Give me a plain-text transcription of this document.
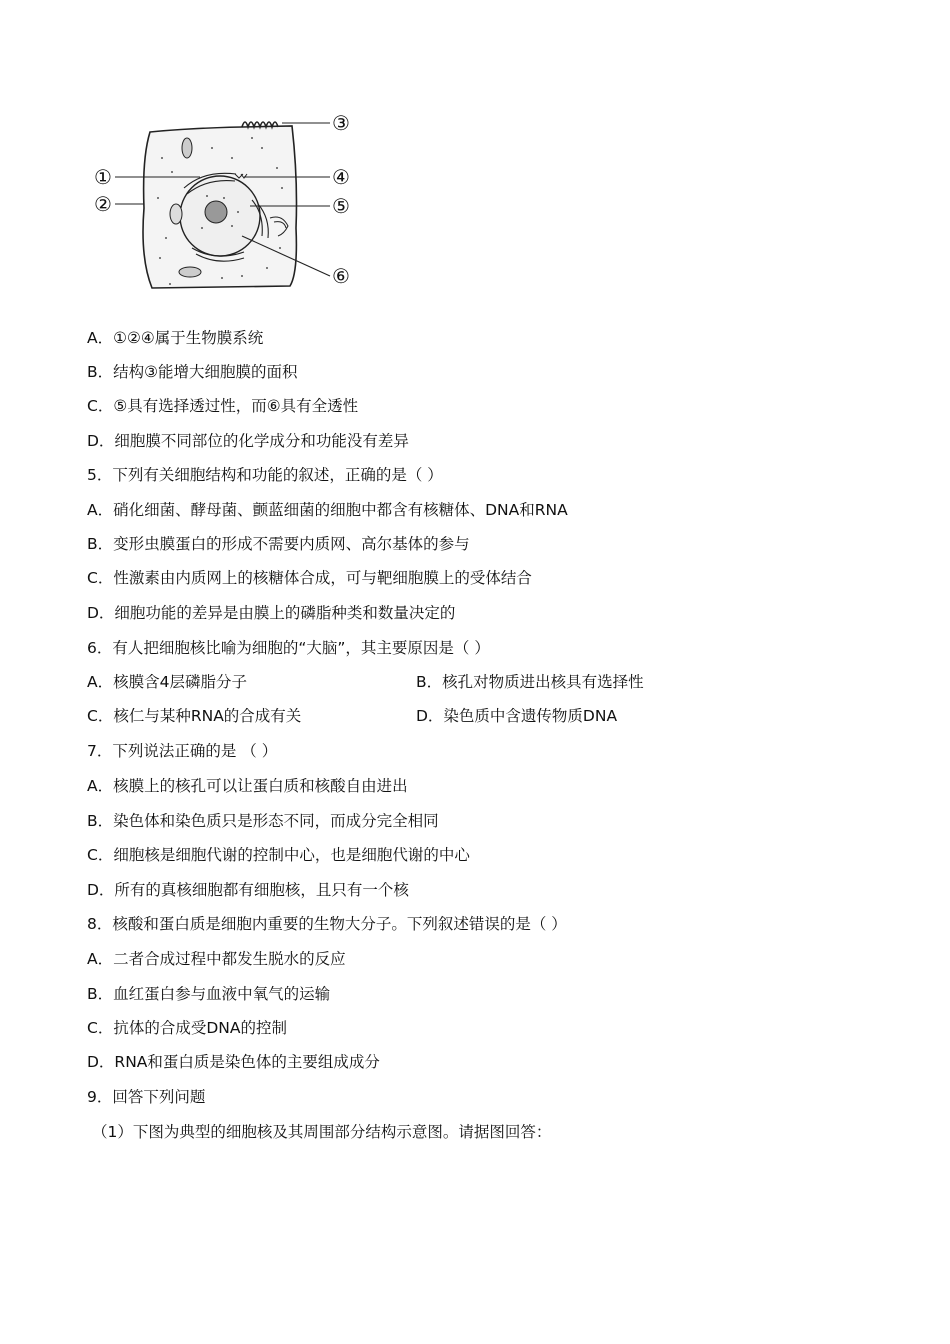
①
②
③
④
⑤
⑥
A．①②④属于生物膜系统
B．结构③能增大细胞膜的面积
C．⑤具有选择透过性，而⑥具有全透性
D．细胞膜不同部位的化学成分和功能没有差异
5．下列有关细胞结构和功能的叙述，正确的是（ ）
A．硝化细菌、酵母菌、颤蓝细菌的细胞中都含有核糖体、DNA和RNA
B．变形虫膜蛋白的形成不需要内质网、高尔基体的参与
C．性激素由内质网上的核糖体合成，可与靶细胞膜上的受体结合
D．细胞功能的差异是由膜上的磷脂种类和数量决定的
6．有人把细胞核比喻为细胞的“大脑”，其主要原因是（ ）
A．核膜含4层磷脂分子	B．核孔对物质进出核具有选择性
C．核仁与某种RNA的合成有关	D．染色质中含遗传物质DNA
7．下列说法正确的是 （ ）
A．核膜上的核孔可以让蛋白质和核酸自由进出
B．染色体和染色质只是形态不同，而成分完全相同
C．细胞核是细胞代谢的控制中心，也是细胞代谢的中心
D．所有的真核细胞都有细胞核，且只有一个核
8．核酸和蛋白质是细胞内重要的生物大分子。下列叙述错误的是（ ）
A．二者合成过程中都发生脱水的反应
B．血红蛋白参与血液中氧气的运输
C．抗体的合成受DNA的控制
D．RNA和蛋白质是染色体的主要组成成分
9．回答下列问题
（1）下图为典型的细胞核及其周围部分结构示意图。请据图回答：
